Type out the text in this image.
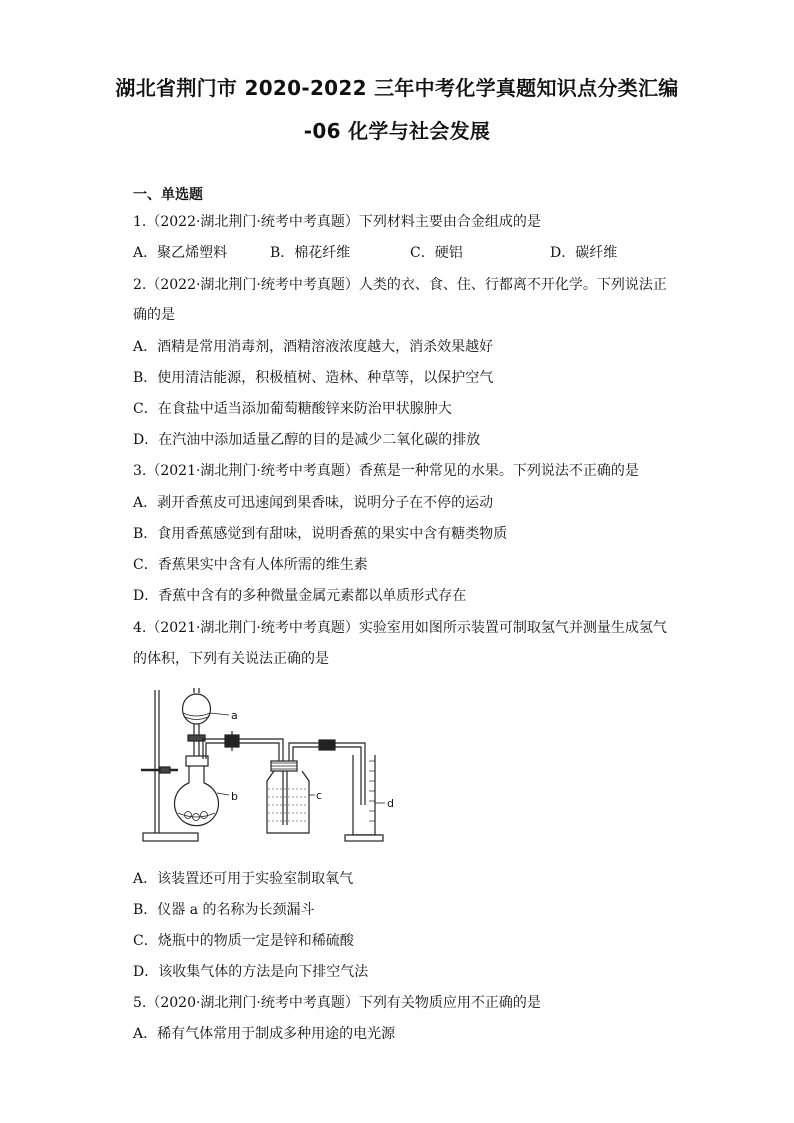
湖北省荆门市 2020-2022 三年中考化学真题知识点分类汇编
-06 化学与社会发展
一、单选题
1.（2022·湖北荆门·统考中考真题）下列材料主要由合金组成的是
A．聚乙烯塑料	B．棉花纤维	C．硬铝	D．碳纤维
2.（2022·湖北荆门·统考中考真题）人类的衣、食、住、行都离不开化学。下列说法正
确的是
A．酒精是常用消毒剂，酒精溶液浓度越大，消杀效果越好
B．使用清洁能源，积极植树、造林、种草等，以保护空气
C．在食盐中适当添加葡萄糖酸锌来防治甲状腺肿大
D．在汽油中添加适量乙醇的目的是减少二氧化碳的排放
3.（2021·湖北荆门·统考中考真题）香蕉是一种常见的水果。下列说法不正确的是
A．剥开香蕉皮可迅速闻到果香味，说明分子在不停的运动
B．食用香蕉感觉到有甜味，说明香蕉的果实中含有糖类物质
C．香蕉果实中含有人体所需的维生素
D．香蕉中含有的多种微量金属元素都以单质形式存在
4.（2021·湖北荆门·统考中考真题）实验室用如图所示装置可制取氢气并测量生成氢气
的体积，下列有关说法正确的是
a
b	c
d
A．该装置还可用于实验室制取氧气
B．仪器 a 的名称为长颈漏斗
C．烧瓶中的物质一定是锌和稀硫酸
D．该收集气体的方法是向下排空气法
5.（2020·湖北荆门·统考中考真题）下列有关物质应用不正确的是
A．稀有气体常用于制成多种用途的电光源
